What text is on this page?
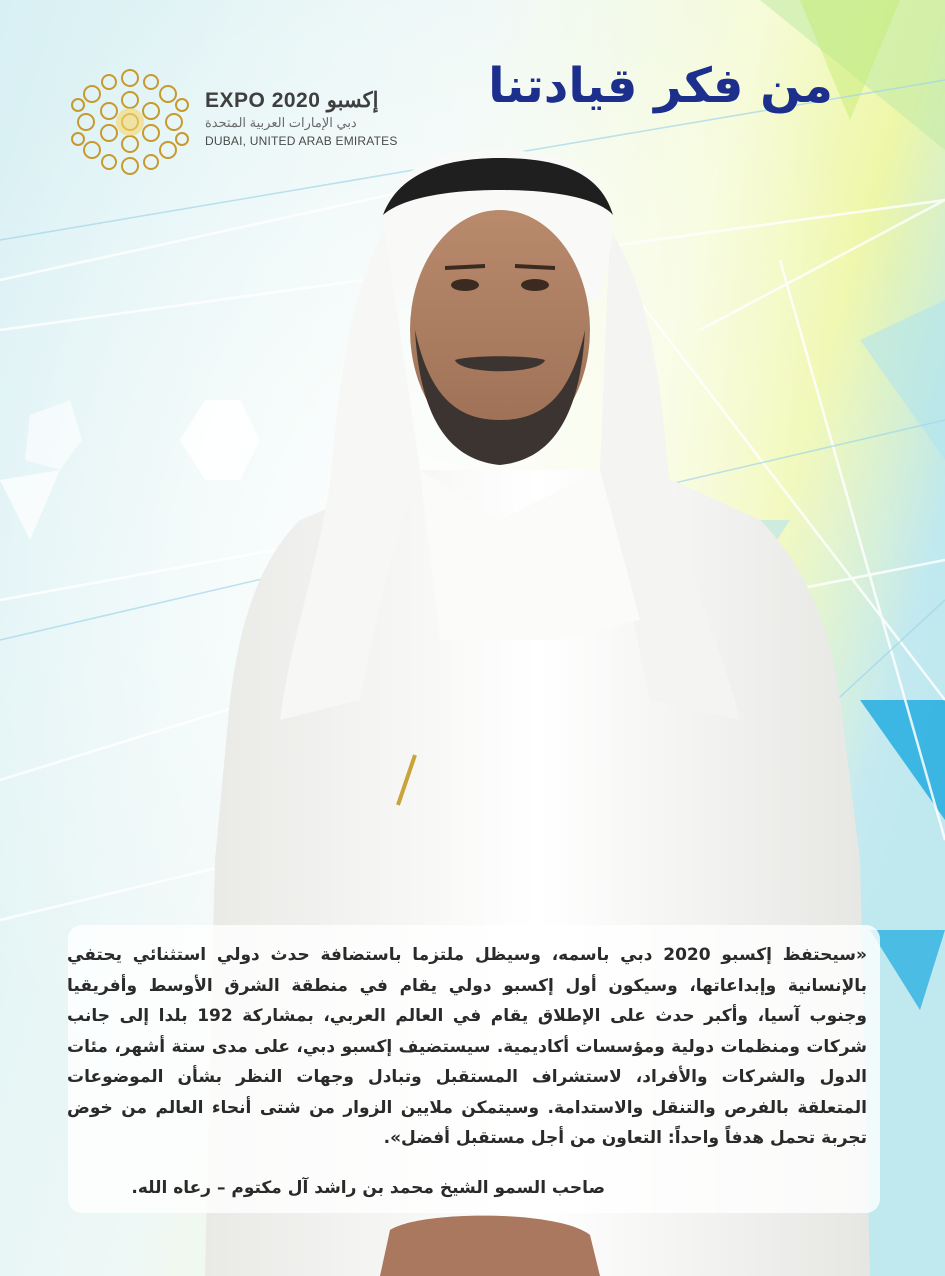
من فكر قيادتنا
EXPO 2020 إكسبو
دبي الإمارات العربية المتحدة
DUBAI, UNITED ARAB EMIRATES

«سيحتفظ إكسبو 2020 دبي باسمه، وسيظل ملتزما باستضافة حدث دولي استثنائي يحتفي بالإنسانية وإبداعاتها، وسيكون أول إكسبو دولي يقام في منطقة الشرق الأوسط وأفريقيا وجنوب آسيا، وأكبر حدث على الإطلاق يقام في العالم العربي، بمشاركة 192 بلدا إلى جانب شركات ومنظمات دولية ومؤسسات أكاديمية. سيستضيف إكسبو دبي، على مدى ستة أشهر، مئات الدول والشركات والأفراد، لاستشراف المستقبل وتبادل وجهات النظر بشأن الموضوعات المتعلقة بالفرص والتنقل والاستدامة. وسيتمكن ملايين الزوار من شتى أنحاء العالم من خوض تجربة تحمل هدفاً واحداً: التعاون من أجل مستقبل أفضل».

صاحب السمو الشيخ محمد بن راشد آل مكتوم – رعاه الله.
